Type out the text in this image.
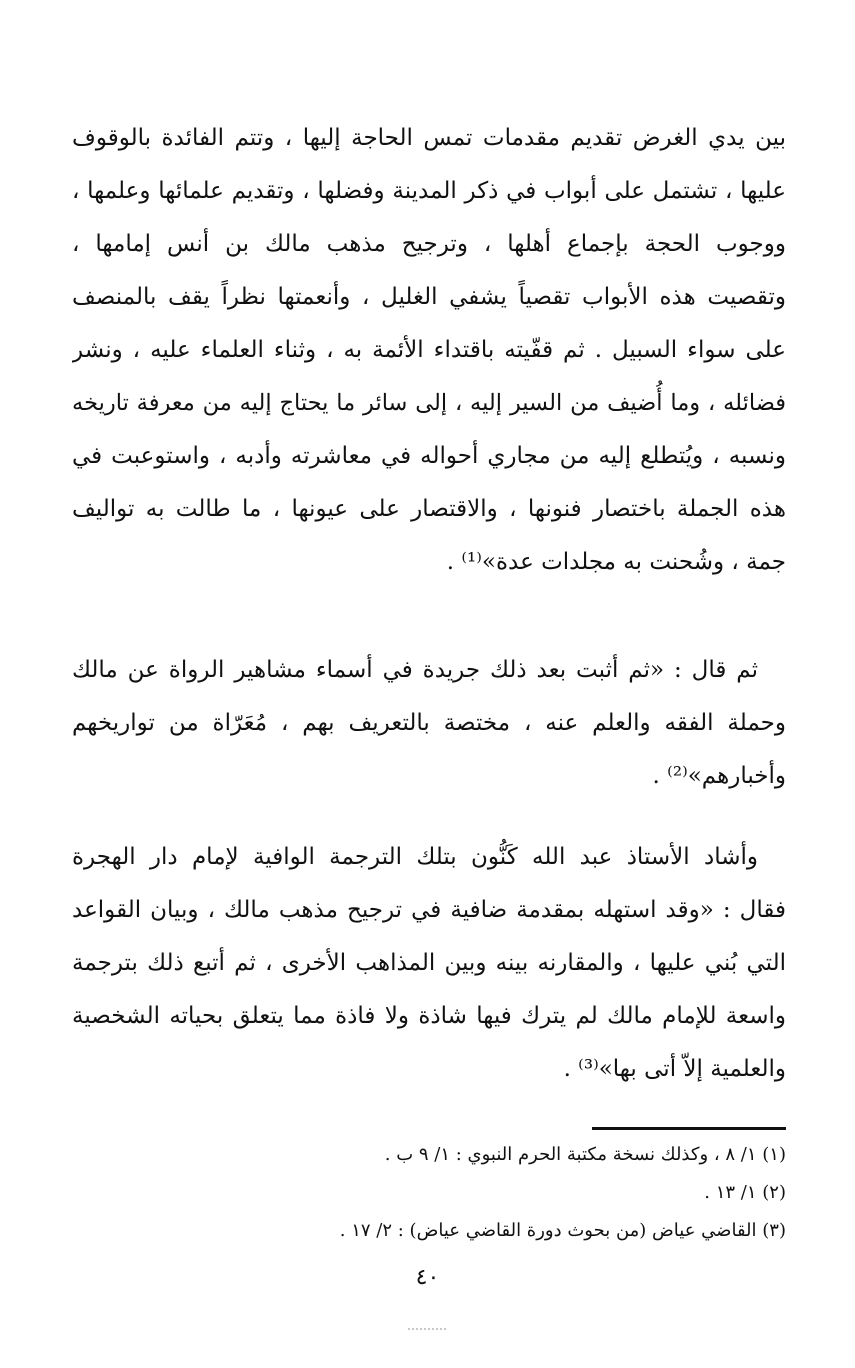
بين يدي الغرض تقديم مقدمات تمس الحاجة إليها ، وتتم الفائدة بالوقوف
عليها ، تشتمل على أبواب في ذكر المدينة وفضلها ، وتقديم علمائها وعلمها ،
ووجوب الحجة بإجماع أهلها ، وترجيح مذهب مالك بن أنس إمامها ،
وتقصيت هذه الأبواب تقصياً يشفي الغليل ، وأنعمتها نظراً يقف بالمنصف
على سواء السبيل . ثم قفّيته باقتداء الأئمة به ، وثناء العلماء عليه ، ونشر
فضائله ، وما أُضيف من السير إليه ، إلى سائر ما يحتاج إليه من معرفة تاريخه
ونسبه ، ويُتطلع إليه من مجاري أحواله في معاشرته وأدبه ، واستوعبت في
هذه الجملة باختصار فنونها ، والاقتصار على عيونها ، ما طالت به تواليف
جمة ، وشُحنت به مجلدات عدة»⁽¹⁾ .
ثم قال : «ثم أثبت بعد ذلك جريدة في أسماء مشاهير الرواة عن مالك
وحملة الفقه والعلم عنه ، مختصة بالتعريف بهم ، مُعَرّاة من تواريخهم
وأخبارهم»⁽²⁾ .
وأشاد الأستاذ عبد الله كَنُّون بتلك الترجمة الوافية لإمام دار الهجرة
فقال : «وقد استهله بمقدمة ضافية في ترجيح مذهب مالك ، وبيان القواعد
التي بُني عليها ، والمقارنه بينه وبين المذاهب الأخرى ، ثم أتبع ذلك بترجمة
واسعة للإمام مالك لم يترك فيها شاذة ولا فاذة مما يتعلق بحياته الشخصية
والعلمية إلاّ أتى بها»⁽³⁾ .
(١) ١/ ٨ ، وكذلك نسخة مكتبة الحرم النبوي : ١/ ٩ ب .
(٢) ١/ ١٣ .
(٣) القاضي عياض (من بحوث دورة القاضي عياض) : ٢/ ١٧ .
٤٠
